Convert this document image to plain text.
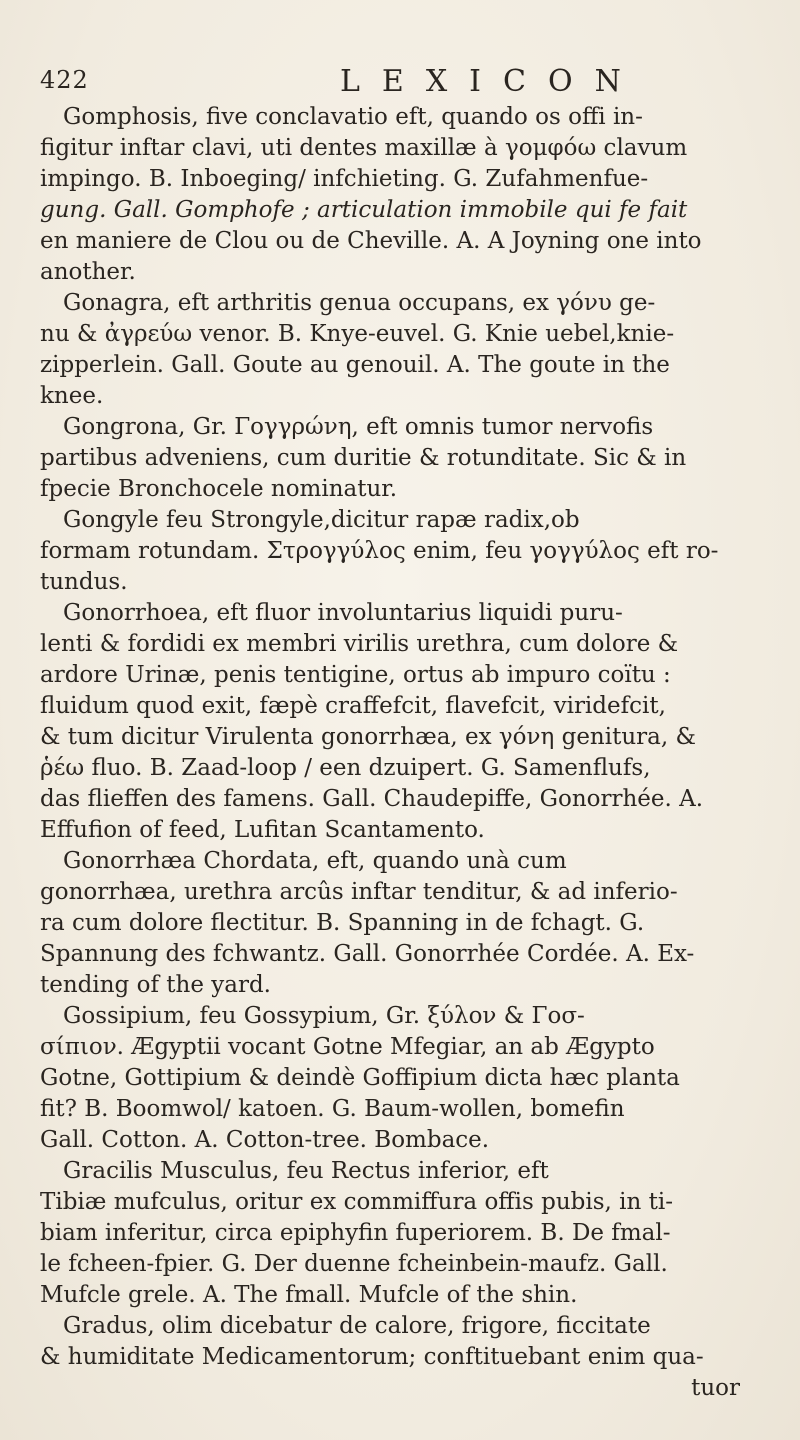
422	LEXICON
Gomphosis, five conclavatio eft, quando os offi in-
figitur inftar clavi, uti dentes maxillæ à γομφόω clavum
impingo. B. Inboeging/ infchieting. G. Zufahmenfue-
gung. Gall. Gomphofe ; articulation immobile qui fe fait
en maniere de Clou ou de Cheville. A. A Joyning one into
another.
Gonagra, eft arthritis genua occupans, ex γόνυ ge-
nu & ἀγρεύω venor. B. Knye-euvel. G. Knie uebel,knie-
zipperlein. Gall. Goute au genouil. A. The goute in the
knee.
Gongrona, Gr. Γογγρώνη, eft omnis tumor nervofis
partibus adveniens, cum duritie & rotunditate. Sic & in
fpecie Bronchocele nominatur.
Gongyle feu Strongyle,dicitur rapæ radix,ob
formam rotundam. Στρογγύλος enim, feu γογγύλος eft ro-
tundus.
Gonorrhoea, eft fluor involuntarius liquidi puru-
lenti & fordidi ex membri virilis urethra, cum dolore &
ardore Urinæ, penis tentigine, ortus ab impuro coïtu :
fluidum quod exit, fæpè craffefcit, flavefcit, viridefcit,
& tum dicitur Virulenta gonorrhæa, ex γόνη genitura, &
ῥέω fluo. B. Zaad-loop / een dzuipert. G. Samenflufs,
das flieffen des famens. Gall. Chaudepiffe, Gonorrhée. A.
Effufion of feed, Lufitan Scantamento.
Gonorrhæa Chordata, eft, quando unà cum
gonorrhæa, urethra arcûs inftar tenditur, & ad inferio-
ra cum dolore flectitur. B. Spanning in de fchagt. G.
Spannung des fchwantz. Gall. Gonorrhée Cordée. A. Ex-
tending of the yard.
Gossipium, feu Gossypium, Gr. ξύλον & Γοσ-
σίπιον. Ægyptii vocant Gotne Mfegiar, an ab Ægypto
Gotne, Gottipium & deindè Goffipium dicta hæc planta
fit? B. Boomwol/ katoen. G. Baum-wollen, bomefin
Gall. Cotton. A. Cotton-tree. Bombace.
Gracilis Musculus, feu Rectus inferior, eft
Tibiæ mufculus, oritur ex commiffura offis pubis, in ti-
biam inferitur, circa epiphyfin fuperiorem. B. De fmal-
le fcheen-fpier. G. Der duenne fcheinbein-maufz. Gall.
Mufcle grele. A. The fmall. Mufcle of the shin.
Gradus, olim dicebatur de calore, frigore, ficcitate
& humiditate Medicamentorum; conftituebant enim qua-
tuor
